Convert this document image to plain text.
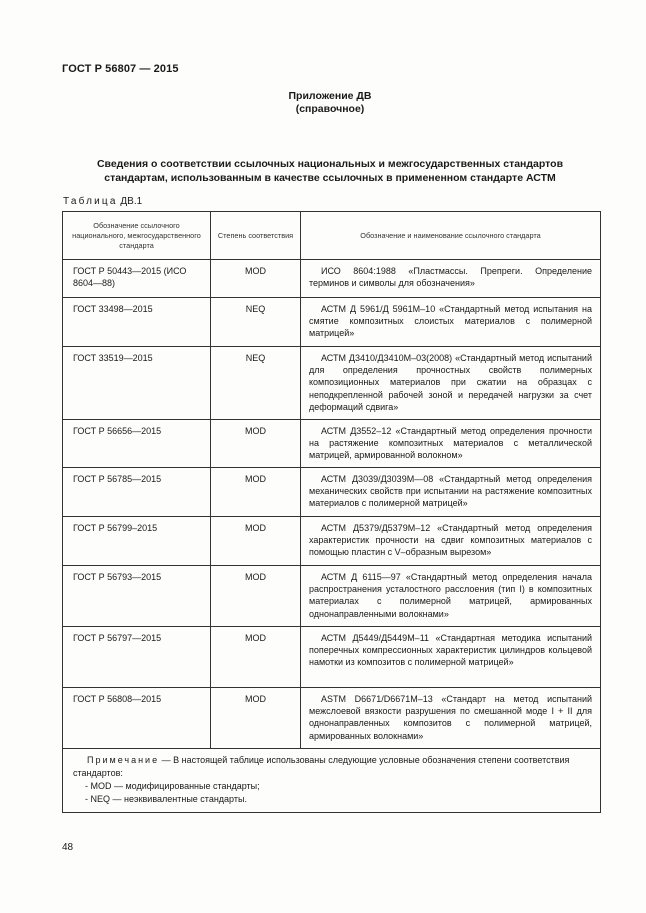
ГОСТ Р 56807 — 2015
Приложение ДВ
(справочное)
Сведения о соответствии ссылочных национальных и межгосударственных стандартов
стандартам, использованным в качестве ссылочных в примененном стандарте АСТМ
Таблица ДВ.1
Обозначение ссылочного национального, межгосударственного стандарта	Степень соответствия	Обозначение и наименование ссылочного стандарта
ГОСТ Р 50443—2015 (ИСО 8604—88)	MOD	ИСО 8604:1988 «Пластмассы. Препреги. Определение терминов и символы для обозначения»

ГОСТ 33498—2015	NEQ	АСТМ Д 5961/Д 5961М–10 «Стандартный метод испытания на смятие композитных слоистых материалов с полимерной матрицей»

ГОСТ 33519—2015	NEQ	АСТМ Д3410/Д3410М–03(2008) «Стандартный метод испытаний для определения прочностных свойств полимерных композиционных материалов при сжатии на образцах с неподкрепленной рабочей зоной и передачей нагрузки за счет деформаций сдвига»

ГОСТ Р 56656—2015	MOD	АСТМ Д3552–12 «Стандартный метод определения прочности на растяжение композитных материалов с металлической матрицей, армированной волокном»

ГОСТ Р 56785—2015	MOD	АСТМ Д3039/Д3039М—08 «Стандартный метод определения механических свойств при испытании на растяжение композитных материалов с полимерной матрицей»

ГОСТ Р 56799–2015	MOD	АСТМ Д5379/Д5379М–12 «Стандартный метод определения характеристик прочности на сдвиг композитных материалов с помощью пластин с V–образным вырезом»

ГОСТ Р 56793—2015	MOD	АСТМ Д 6115—97 «Стандартный метод определения начала распространения усталостного расслоения (тип I) в композитных материалах с полимерной матрицей, армированных однонаправленными волокнами»

ГОСТ Р 56797—2015	MOD	АСТМ Д5449/Д5449М–11 «Стандартная методика испытаний поперечных компрессионных характеристик цилиндров кольцевой намотки из композитов с полимерной матрицей»

ГОСТ Р 56808—2015	MOD	ASTM D6671/D6671M–13 «Стандарт на метод испытаний межслоевой вязкости разрушения по смешанной моде I + II для однонаправленных композитов с полимерной матрицей, армированных волокнами»

Примечание — В настоящей таблице использованы следующие условные обозначения степени соответствия стандартов:
- MOD — модифицированные стандарты;
- NEQ — неэквивалентные стандарты.		
48
